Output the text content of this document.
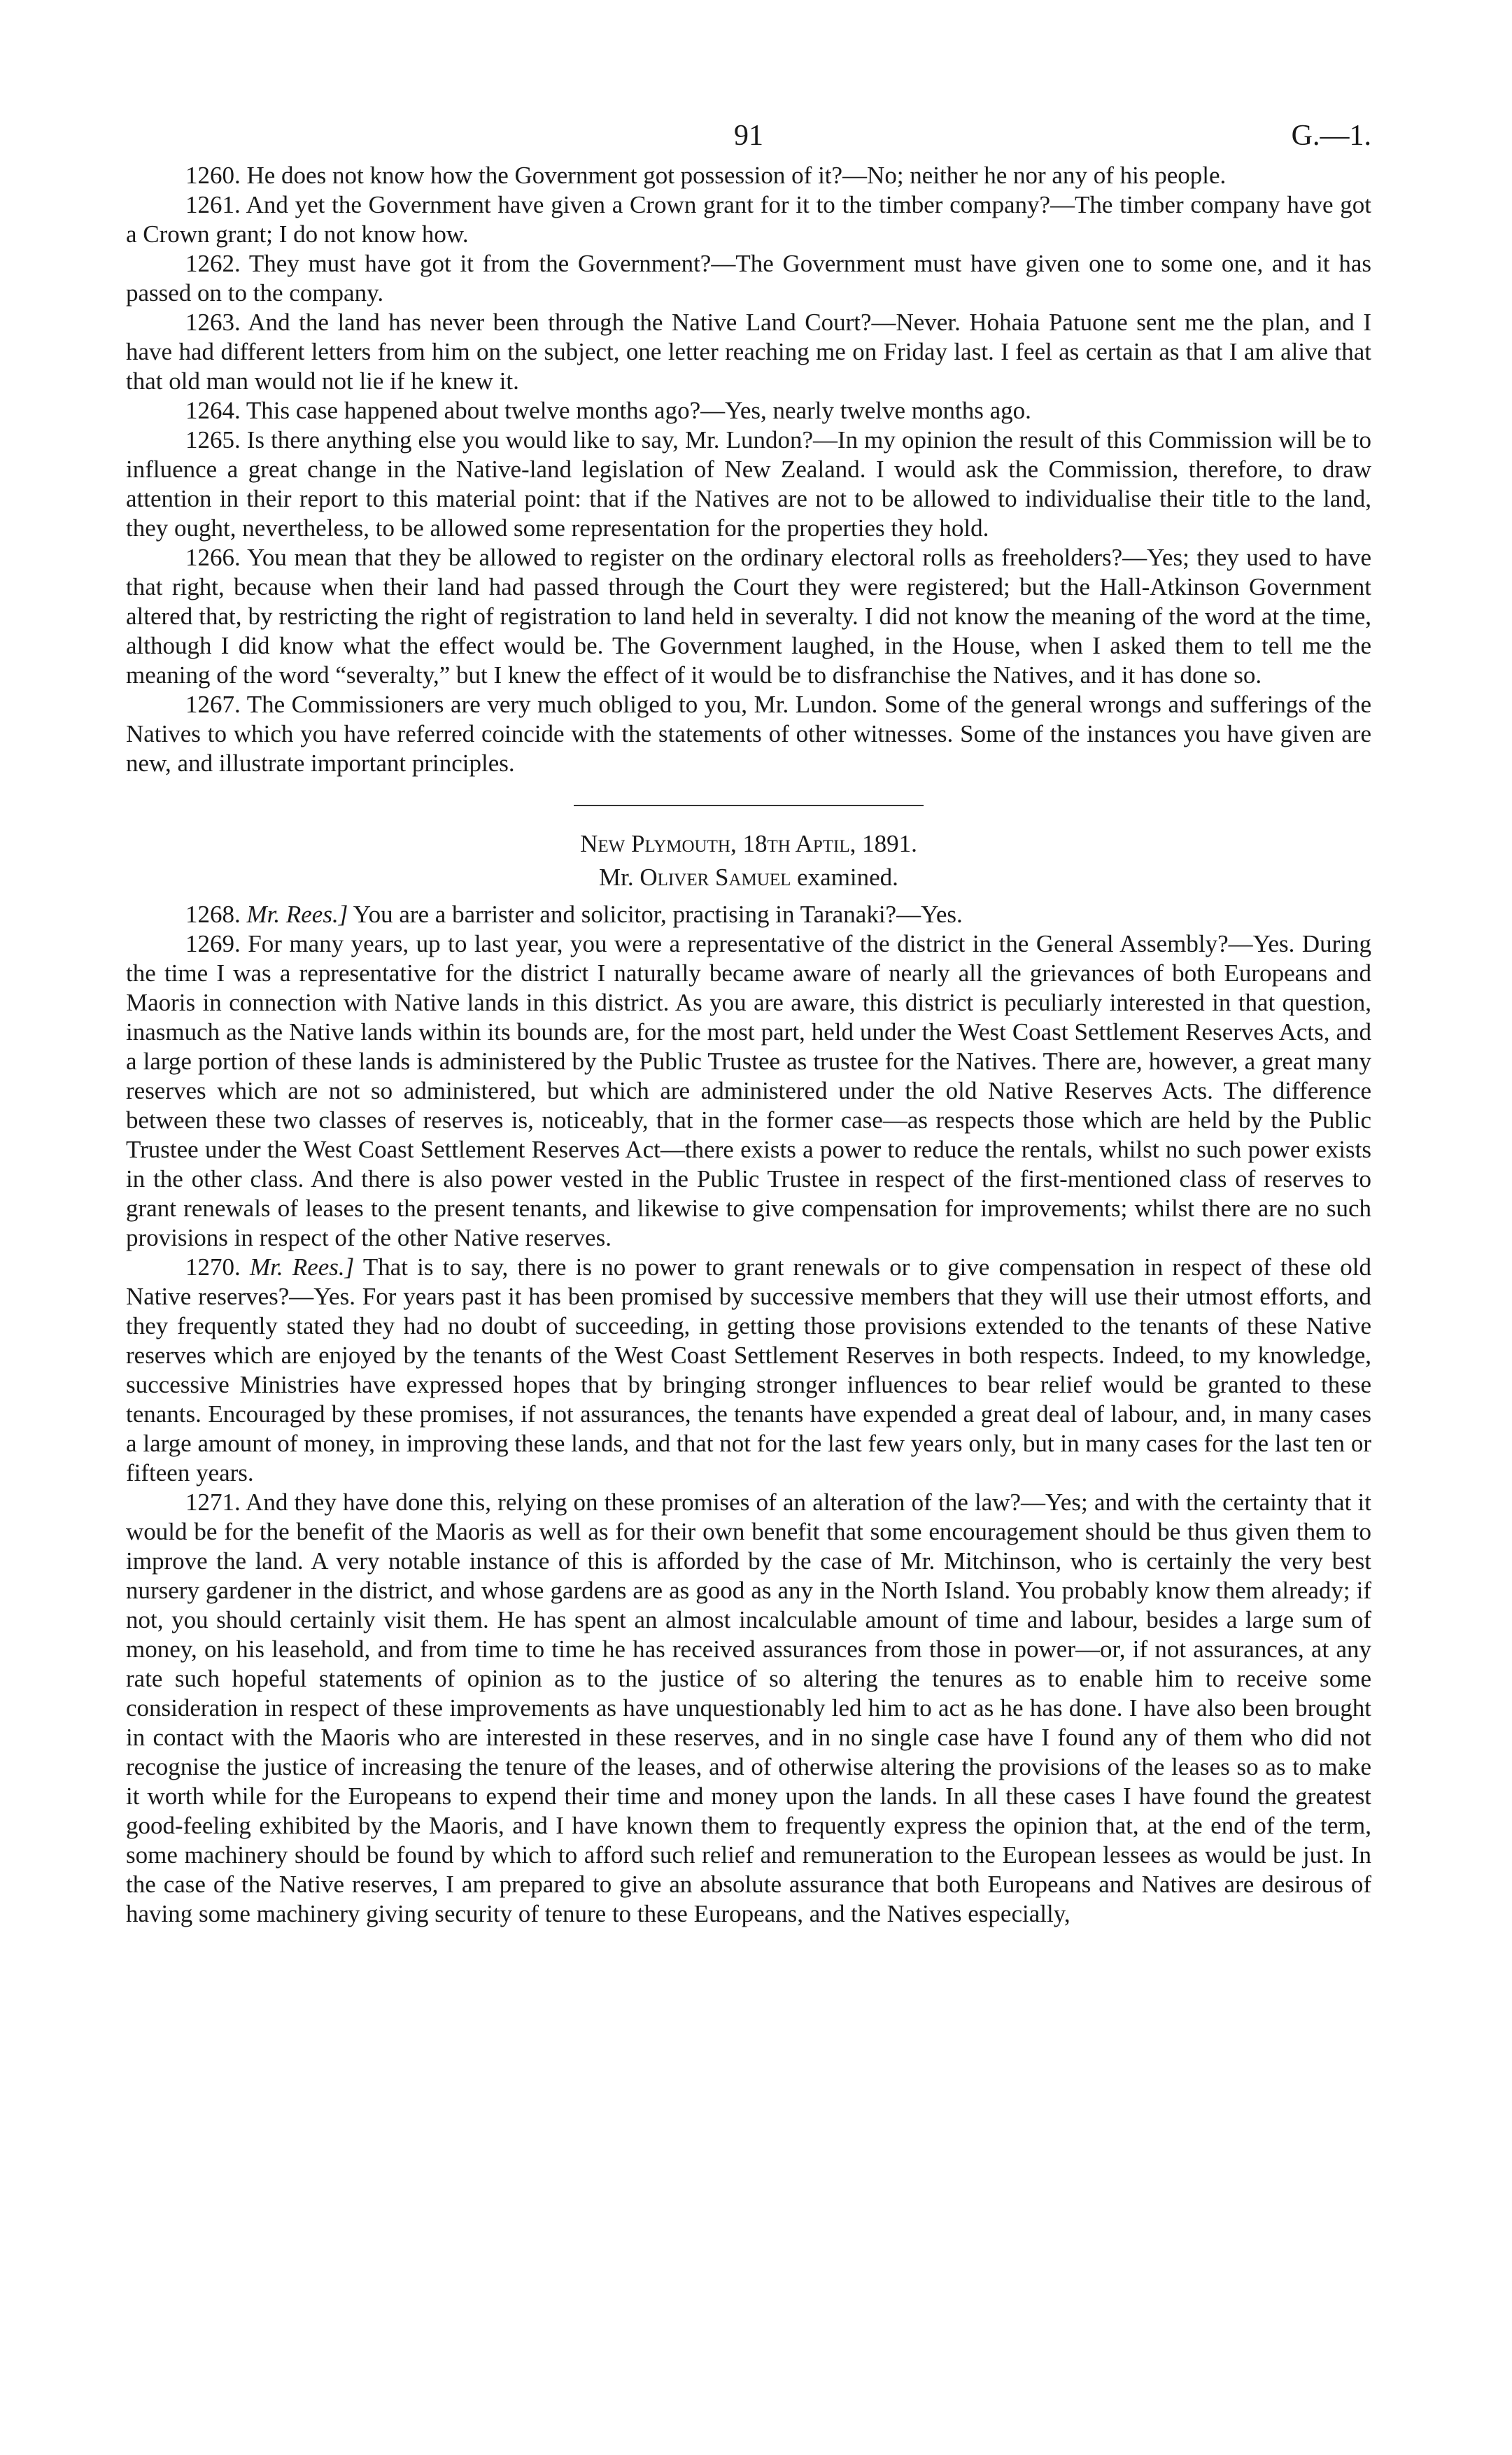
91	G.—1.

1260. He does not know how the Government got possession of it?—No; neither he nor any of his people.

1261. And yet the Government have given a Crown grant for it to the timber company?—The timber company have got a Crown grant; I do not know how.

1262. They must have got it from the Government?—The Government must have given one to some one, and it has passed on to the company.

1263. And the land has never been through the Native Land Court?—Never. Hohaia Patuone sent me the plan, and I have had different letters from him on the subject, one letter reaching me on Friday last. I feel as certain as that I am alive that that old man would not lie if he knew it.

1264. This case happened about twelve months ago?—Yes, nearly twelve months ago.

1265. Is there anything else you would like to say, Mr. Lundon?—In my opinion the result of this Commission will be to influence a great change in the Native-land legislation of New Zealand. I would ask the Commission, therefore, to draw attention in their report to this material point: that if the Natives are not to be allowed to individualise their title to the land, they ought, nevertheless, to be allowed some representation for the properties they hold.

1266. You mean that they be allowed to register on the ordinary electoral rolls as freeholders?—Yes; they used to have that right, because when their land had passed through the Court they were registered; but the Hall-Atkinson Government altered that, by restricting the right of registration to land held in severalty. I did not know the meaning of the word at the time, although I did know what the effect would be. The Government laughed, in the House, when I asked them to tell me the meaning of the word “severalty,” but I knew the effect of it would be to disfranchise the Natives, and it has done so.

1267. The Commissioners are very much obliged to you, Mr. Lundon. Some of the general wrongs and sufferings of the Natives to which you have referred coincide with the statements of other witnesses. Some of the instances you have given are new, and illustrate important principles.

New Plymouth, 18th Aptil, 1891.

Mr. Oliver Samuel examined.

1268. Mr. Rees.] You are a barrister and solicitor, practising in Taranaki?—Yes.

1269. For many years, up to last year, you were a representative of the district in the General Assembly?—Yes. During the time I was a representative for the district I naturally became aware of nearly all the grievances of both Europeans and Maoris in connection with Native lands in this district. As you are aware, this district is peculiarly interested in that question, inasmuch as the Native lands within its bounds are, for the most part, held under the West Coast Settlement Reserves Acts, and a large portion of these lands is administered by the Public Trustee as trustee for the Natives. There are, however, a great many reserves which are not so administered, but which are administered under the old Native Reserves Acts. The difference between these two classes of reserves is, noticeably, that in the former case—as respects those which are held by the Public Trustee under the West Coast Settlement Reserves Act—there exists a power to reduce the rentals, whilst no such power exists in the other class. And there is also power vested in the Public Trustee in respect of the first-mentioned class of reserves to grant renewals of leases to the present tenants, and likewise to give compensation for improvements; whilst there are no such provisions in respect of the other Native reserves.

1270. Mr. Rees.] That is to say, there is no power to grant renewals or to give compensation in respect of these old Native reserves?—Yes. For years past it has been promised by successive members that they will use their utmost efforts, and they frequently stated they had no doubt of succeeding, in getting those provisions extended to the tenants of these Native reserves which are enjoyed by the tenants of the West Coast Settlement Reserves in both respects. Indeed, to my knowledge, successive Ministries have expressed hopes that by bringing stronger influences to bear relief would be granted to these tenants. Encouraged by these promises, if not assurances, the tenants have expended a great deal of labour, and, in many cases a large amount of money, in improving these lands, and that not for the last few years only, but in many cases for the last ten or fifteen years.

1271. And they have done this, relying on these promises of an alteration of the law?—Yes; and with the certainty that it would be for the benefit of the Maoris as well as for their own benefit that some encouragement should be thus given them to improve the land. A very notable instance of this is afforded by the case of Mr. Mitchinson, who is certainly the very best nursery gardener in the district, and whose gardens are as good as any in the North Island. You probably know them already; if not, you should certainly visit them. He has spent an almost incalculable amount of time and labour, besides a large sum of money, on his leasehold, and from time to time he has received assurances from those in power—or, if not assurances, at any rate such hopeful statements of opinion as to the justice of so altering the tenures as to enable him to receive some consideration in respect of these improvements as have unquestionably led him to act as he has done. I have also been brought in contact with the Maoris who are interested in these reserves, and in no single case have I found any of them who did not recognise the justice of increasing the tenure of the leases, and of otherwise altering the provisions of the leases so as to make it worth while for the Europeans to expend their time and money upon the lands. In all these cases I have found the greatest good-feeling exhibited by the Maoris, and I have known them to frequently express the opinion that, at the end of the term, some machinery should be found by which to afford such relief and remuneration to the European lessees as would be just. In the case of the Native reserves, I am prepared to give an absolute assurance that both Europeans and Natives are desirous of having some machinery giving security of tenure to these Europeans, and the Natives especially,
